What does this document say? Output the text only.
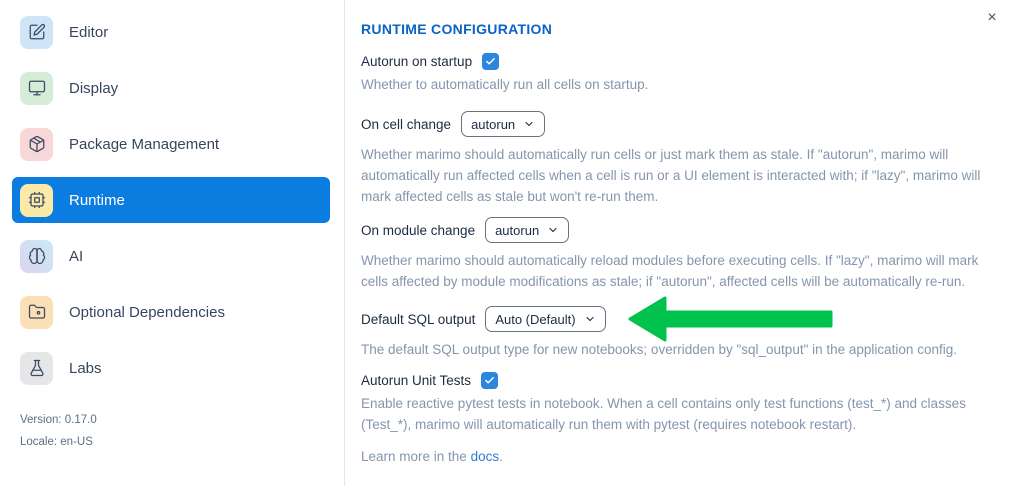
Editor
Display
Package Management
Runtime
AI
Optional Dependencies
Labs
Version: 0.17.0
Locale: en-US
×
RUNTIME CONFIGURATION
Autorun on startup

Whether to automatically run all cells on startup.

On cell change autorun

Whether marimo should automatically run cells or just mark them as stale. If "autorun", marimo will automatically run affected cells when a cell is run or a UI element is interacted with; if "lazy", marimo will mark affected cells as stale but won't re-run them.

On module change autorun

Whether marimo should automatically reload modules before executing cells. If "lazy", marimo will mark cells affected by module modifications as stale; if "autorun", affected cells will be automatically re-run.

Default SQL output Auto (Default)

The default SQL output type for new notebooks; overridden by "sql_output" in the application config.

Autorun Unit Tests

Enable reactive pytest tests in notebook. When a cell contains only test functions (test_*) and classes (Test_*), marimo will automatically run them with pytest (requires notebook restart).

Learn more in the docs.
